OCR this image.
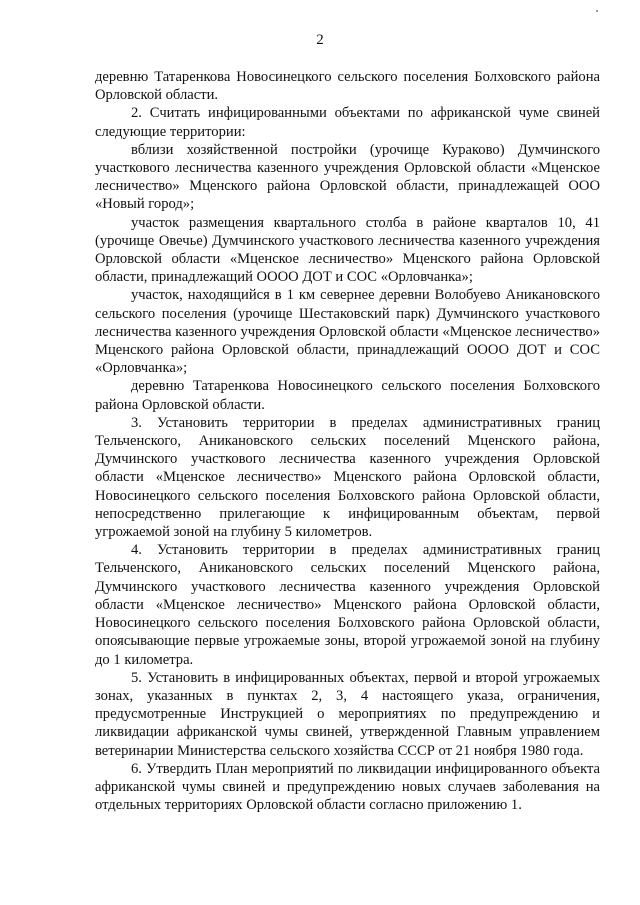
2

деревню Татаренкова Новосинецкого сельского поселения Болховского района Орловской области.

2. Считать инфицированными объектами по африканской чуме свиней следующие территории:

вблизи хозяйственной постройки (урочище Кураково) Думчинского участкового лесничества казенного учреждения Орловской области «Мценское лесничество» Мценского района Орловской области, принадлежащей ООО «Новый город»;

участок размещения квартального столба в районе кварталов 10, 41 (урочище Овечье) Думчинского участкового лесничества казенного учреждения Орловской области «Мценское лесничество» Мценского района Орловской области, принадлежащий ОООО ДОТ и СОС «Орловчанка»;

участок, находящийся в 1 км севернее деревни Волобуево Аникановского сельского поселения (урочище Шестаковский парк) Думчинского участкового лесничества казенного учреждения Орловской области «Мценское лесничество» Мценского района Орловской области, принадлежащий ОООО ДОТ и СОС «Орловчанка»;

деревню Татаренкова Новосинецкого сельского поселения Болховского района Орловской области.

3. Установить территории в пределах административных границ Тельченского, Аникановского сельских поселений Мценского района, Думчинского участкового лесничества казенного учреждения Орловской области «Мценское лесничество» Мценского района Орловской области, Новосинецкого сельского поселения Болховского района Орловской области, непосредственно прилегающие к инфицированным объектам, первой угрожаемой зоной на глубину 5 километров.

4. Установить территории в пределах административных границ Тельченского, Аникановского сельских поселений Мценского района, Думчинского участкового лесничества казенного учреждения Орловской области «Мценское лесничество» Мценского района Орловской области, Новосинецкого сельского поселения Болховского района Орловской области, опоясывающие первые угрожаемые зоны, второй угрожаемой зоной на глубину до 1 километра.

5. Установить в инфицированных объектах, первой и второй угрожаемых зонах, указанных в пунктах 2, 3, 4 настоящего указа, ограничения, предусмотренные Инструкцией о мероприятиях по предупреждению и ликвидации африканской чумы свиней, утвержденной Главным управлением ветеринарии Министерства сельского хозяйства СССР от 21 ноября 1980 года.

6. Утвердить План мероприятий по ликвидации инфицированного объекта африканской чумы свиней и предупреждению новых случаев заболевания на отдельных территориях Орловской области согласно приложению 1.
